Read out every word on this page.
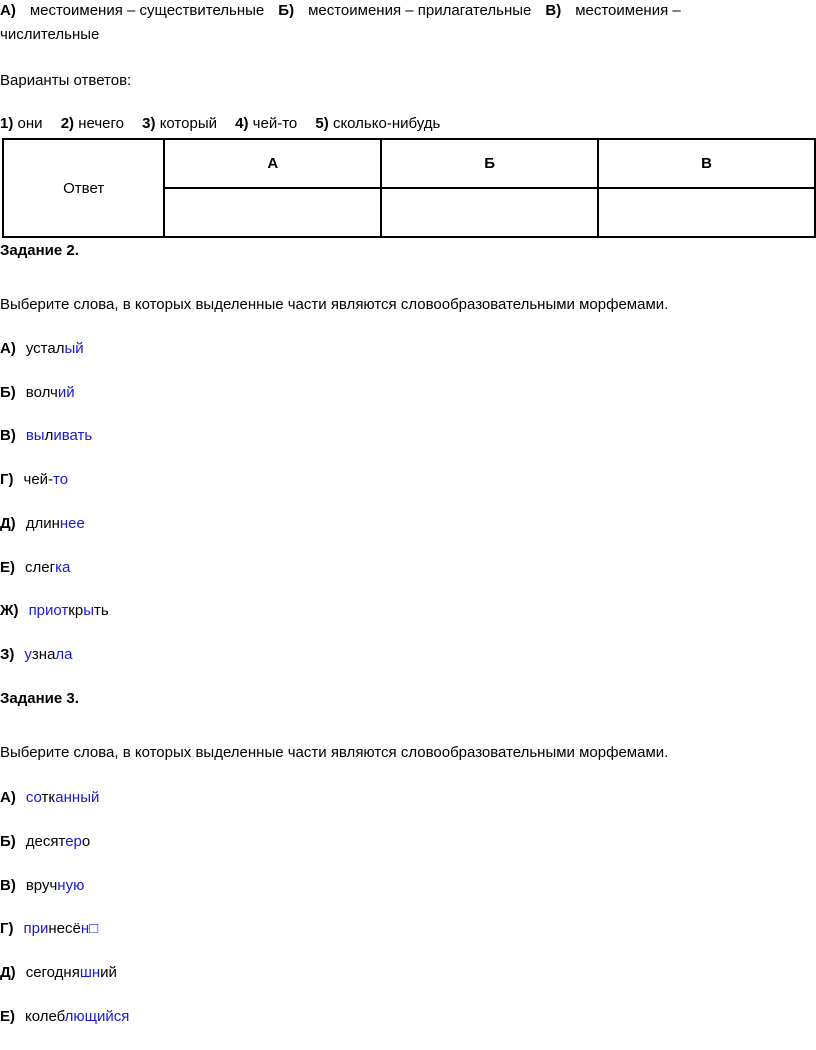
А) местоимения – существительные Б) местоимения – прилагательные В) местоимения –
числительные
Варианты ответов:
1) они 2) нечего 3) который 4) чей-то 5) сколько-нибудь
Ответ	А	Б	В

Задание 2.
Выберите слова, в которых выделенные части являются словообразовательными морфемами.
А) усталый
Б) волчий
В) выливать
Г) чей-то
Д) длиннее
Е) слегка
Ж) приоткрыть
З) узнала
Задание 3.
Выберите слова, в которых выделенные части являются словообразовательными морфемами.
А) сотканный
Б) десятеро
В) вручную
Г) принесён□
Д) сегодняшний
Е) колеблющийся
